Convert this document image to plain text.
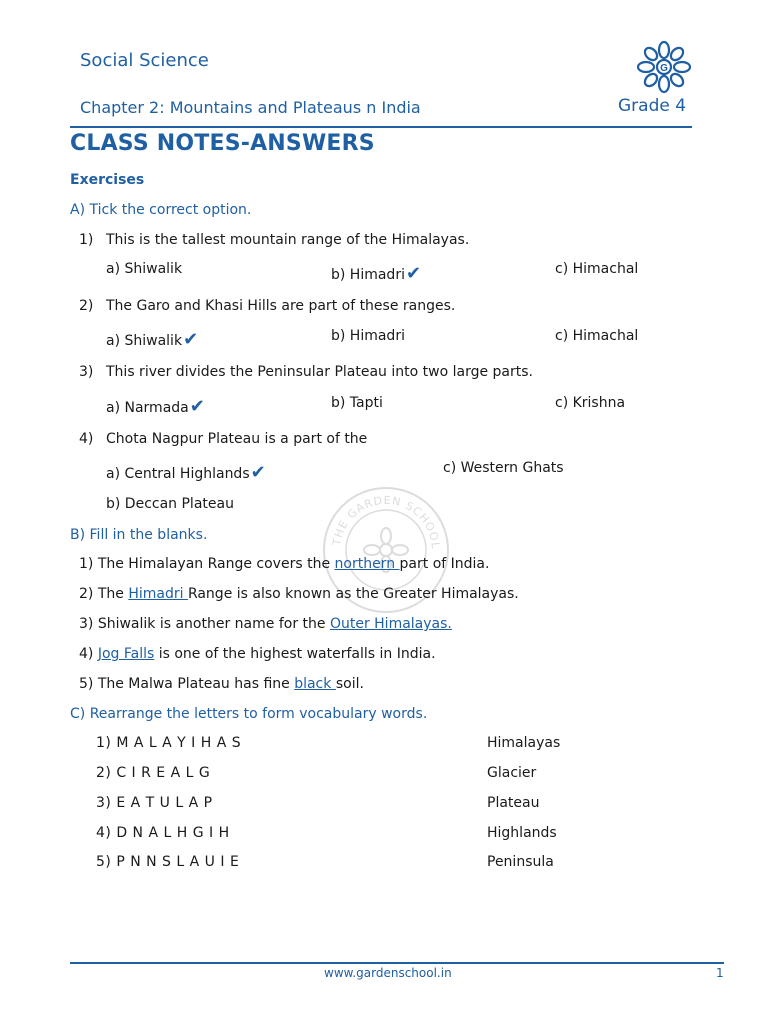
Social Science
Chapter 2: Mountains and Plateaus n India	Grade 4
G
CLASS NOTES-ANSWERS
Exercises
THE GARDEN SCHOOL
A) Tick the correct option.
1) This is the tallest mountain range of the Himalayas.
a) Shiwalik	b) Himadri✔	c) Himachal
2) The Garo and Khasi Hills are part of these ranges.
a) Shiwalik✔	b) Himadri	c) Himachal
3) This river divides the Peninsular Plateau into two large parts.
a) Narmada✔	b) Tapti	c) Krishna
4) Chota Nagpur Plateau is a part of the
a) Central Highlands✔	c) Western Ghats
b) Deccan Plateau
B) Fill in the blanks.
1) The Himalayan Range covers the northern part of India.
2) The Himadri Range is also known as the Greater Himalayas.
3) Shiwalik is another name for the Outer Himalayas.
4) Jog Falls is one of the highest waterfalls in India.
5) The Malwa Plateau has fine black soil.
C) Rearrange the letters to form vocabulary words.
1) M A L A Y I H A S	Himalayas
2) C I R E A L G	Glacier
3) E A T U L A P	Plateau
4) D N A L H G I H	Highlands
5) P N N S L A U I E	Peninsula
www.gardenschool.in	1
